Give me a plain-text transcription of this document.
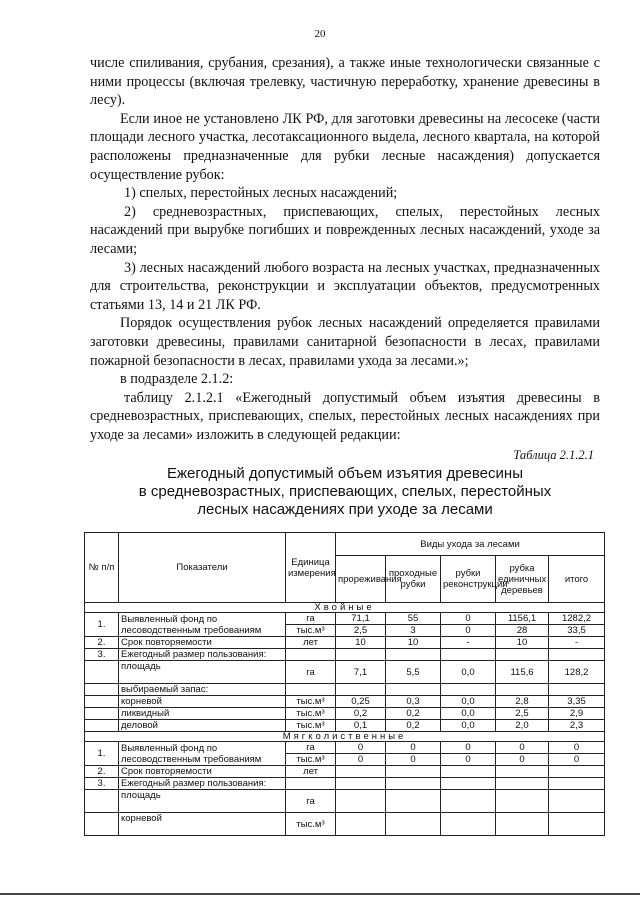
20

числе спиливания, срубания, срезания), а также иные технологически связанные с ними процессы (включая трелевку, частичную переработку, хранение древесины в лесу).

Если иное не установлено ЛК РФ, для заготовки древесины на лесосеке (части площади лесного участка, лесотаксационного выдела, лесного квартала, на которой расположены предназначенные для рубки лесные насаждения) допускается осуществление рубок:

1) спелых, перестойных лесных насаждений;

2) средневозрастных, приспевающих, спелых, перестойных лесных насаждений при вырубке погибших и поврежденных лесных насаждений, уходе за лесами;

3) лесных насаждений любого возраста на лесных участках, предназначенных для строительства, реконструкции и эксплуатации объектов, предусмотренных статьями 13, 14 и 21 ЛК РФ.

Порядок осуществления рубок лесных насаждений определяется правилами заготовки древесины, правилами санитарной безопасности в лесах, правилами пожарной безопасности в лесах, правилами ухода за лесами.»;

в подразделе 2.1.2:

таблицу 2.1.2.1 «Ежегодный допустимый объем изъятия древесины в средневозрастных, приспевающих, спелых, перестойных лесных насаждениях при уходе за лесами» изложить в следующей редакции:

Таблица 2.1.2.1
Ежегодный допустимый объем изъятия древесины
в средневозрастных, приспевающих, спелых, перестойных
лесных насаждениях при уходе за лесами
№ п/п	Показатели	Единица измерения	Виды ухода за лесами				
			прореживания	проходные рубки	рубки реконструкции	рубка единичных деревьев	итого
Хвойные							
1.	Выявленный фонд по лесоводственным требованиям	га	71,1	55	0	1156,1	1282,2
		тыс.м³	2,5	3	0	28	33,5
2.	Срок повторяемости	лет	10	10	-	10	-
3.	Ежегодный размер пользования:						
	площадь	га	7,1	5,5	0,0	115,6	128,2
	выбираемый запас:						
	корневой	тыс.м³	0,25	0,3	0,0	2,8	3,35
	ликвидный	тыс.м³	0,2	0,2	0,0	2,5	2,9
	деловой	тыс.м³	0,1	0,2	0,0	2,0	2,3
Мягколиственные							
1.	Выявленный фонд по лесоводственным требованиям	га	0	0	0	0	0
		тыс.м³	0	0	0	0	0
2.	Срок повторяемости	лет					
3.	Ежегодный размер пользования:						
	площадь	га					
	корневой	тыс.м³					
